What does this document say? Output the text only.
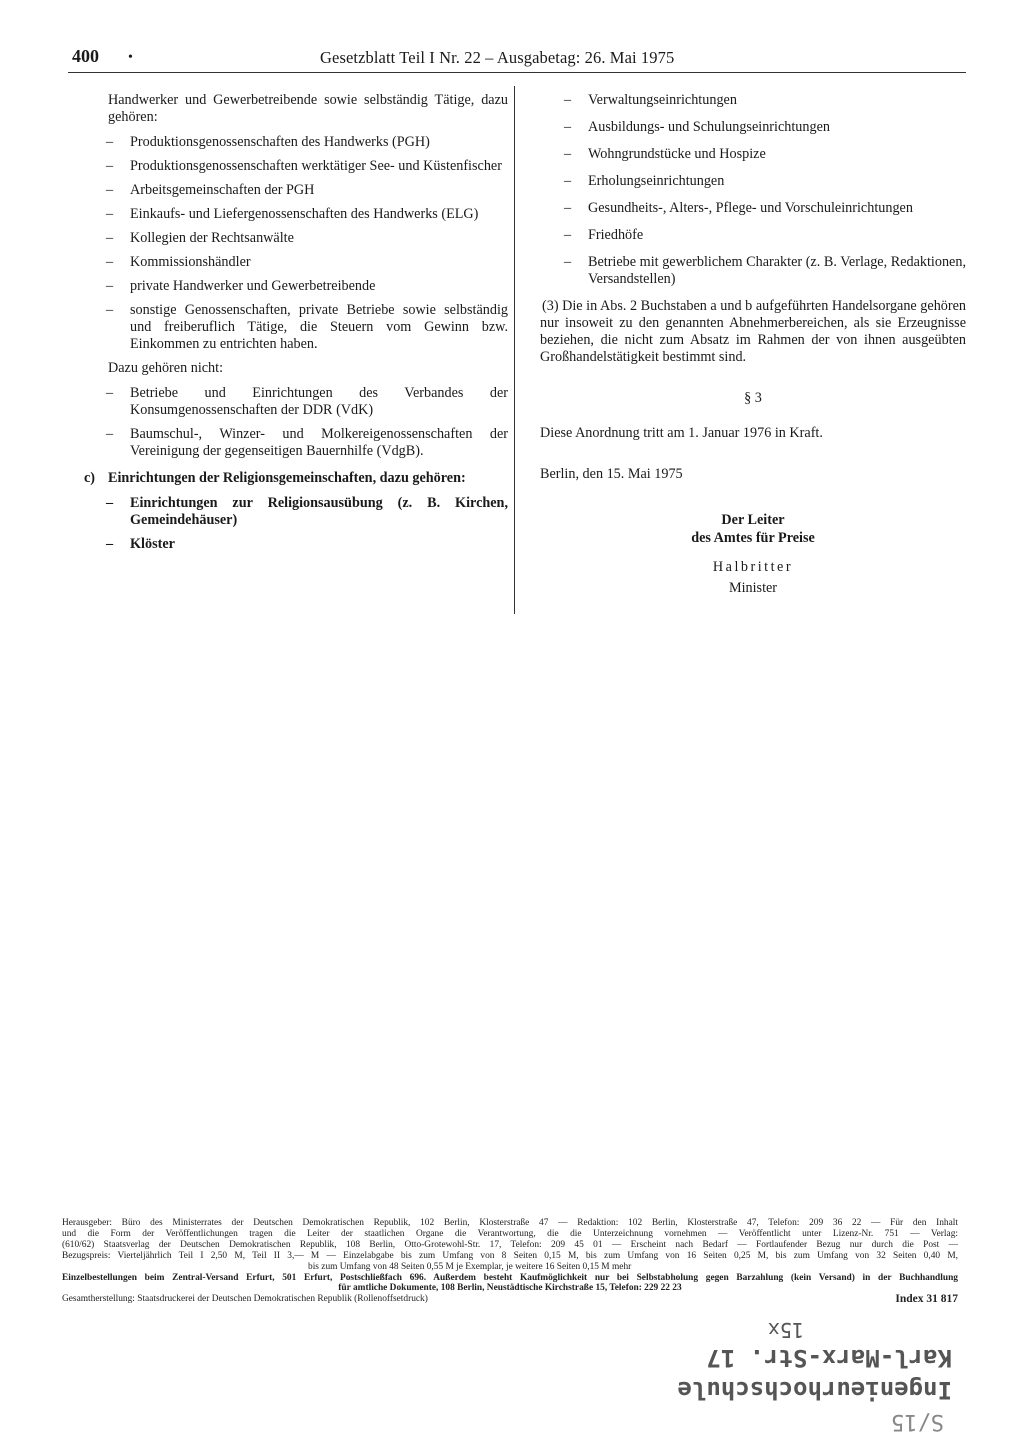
400 •	Gesetzblatt Teil I Nr. 22 – Ausgabetag: 26. Mai 1975

Handwerker und Gewerbetreibende sowie selbständig Tätige, dazu gehören:

– Produktionsgenossenschaften des Handwerks (PGH)
– Produktionsgenossenschaften werktätiger See- und Küstenfischer
– Arbeitsgemeinschaften der PGH
– Einkaufs- und Liefergenossenschaften des Handwerks (ELG)
– Kollegien der Rechtsanwälte
– Kommissionshändler
– private Handwerker und Gewerbetreibende
– sonstige Genossenschaften, private Betriebe sowie selbständig und freiberuflich Tätige, die Steuern vom Gewinn bzw. Einkommen zu entrichten haben.

Dazu gehören nicht:

– Betriebe und Einrichtungen des Verbandes der Konsumgenossenschaften der DDR (VdK)
– Baumschul-, Winzer- und Molkereigenossenschaften der Vereinigung der gegenseitigen Bauernhilfe (VdgB).
c) Einrichtungen der Religionsgemeinschaften, dazu gehören:
– Einrichtungen zur Religionsausübung (z. B. Kirchen, Gemeindehäuser)
– Klöster
– Verwaltungseinrichtungen
– Ausbildungs- und Schulungseinrichtungen
– Wohngrundstücke und Hospize
– Erholungseinrichtungen
– Gesundheits-, Alters-, Pflege- und Vorschuleinrichtungen
– Friedhöfe
– Betriebe mit gewerblichem Charakter (z. B. Verlage, Redaktionen, Versandstellen)

(3) Die in Abs. 2 Buchstaben a und b aufgeführten Handelsorgane gehören nur insoweit zu den genannten Abnehmerbereichen, als sie Erzeugnisse beziehen, die nicht zum Absatz im Rahmen der von ihnen ausgeübten Großhandelstätigkeit bestimmt sind.

§ 3

Diese Anordnung tritt am 1. Januar 1976 in Kraft.

Berlin, den 15. Mai 1975

Der Leiter
des Amtes für Preise
Halbritter
Minister
Herausgeber: Büro des Ministerrates der Deutschen Demokratischen Republik, 102 Berlin, Klosterstraße 47 — Redaktion: 102 Berlin, Klosterstraße 47, Telefon: 209 36 22 — Für den Inhalt
und die Form der Veröffentlichungen tragen die Leiter der staatlichen Organe die Verantwortung, die die Unterzeichnung vornehmen — Veröffentlicht unter Lizenz-Nr. 751 — Verlag:
(610/62) Staatsverlag der Deutschen Demokratischen Republik, 108 Berlin, Otto-Grotewohl-Str. 17, Telefon: 209 45 01 — Erscheint nach Bedarf — Fortlaufender Bezug nur durch die Post —
Bezugspreis: Vierteljährlich Teil I 2,50 M, Teil II 3,— M — Einzelabgabe bis zum Umfang von 8 Seiten 0,15 M, bis zum Umfang von 16 Seiten 0,25 M, bis zum Umfang von 32 Seiten 0,40 M,
bis zum Umfang von 48 Seiten 0,55 M je Exemplar, je weitere 16 Seiten 0,15 M mehr
Einzelbestellungen beim Zentral-Versand Erfurt, 501 Erfurt, Postschließfach 696. Außerdem besteht Kaufmöglichkeit nur bei Selbstabholung gegen Barzahlung (kein Versand) in der Buchhandlung
für amtliche Dokumente, 108 Berlin, Neustädtische Kirchstraße 15, Telefon: 229 22 23
Gesamtherstellung: Staatsdruckerei der Deutschen Demokratischen Republik (Rollenoffsetdruck)	Index 31 817
15x
Karl-Marx-Str. 17
Ingenieurhochschule
S/15
